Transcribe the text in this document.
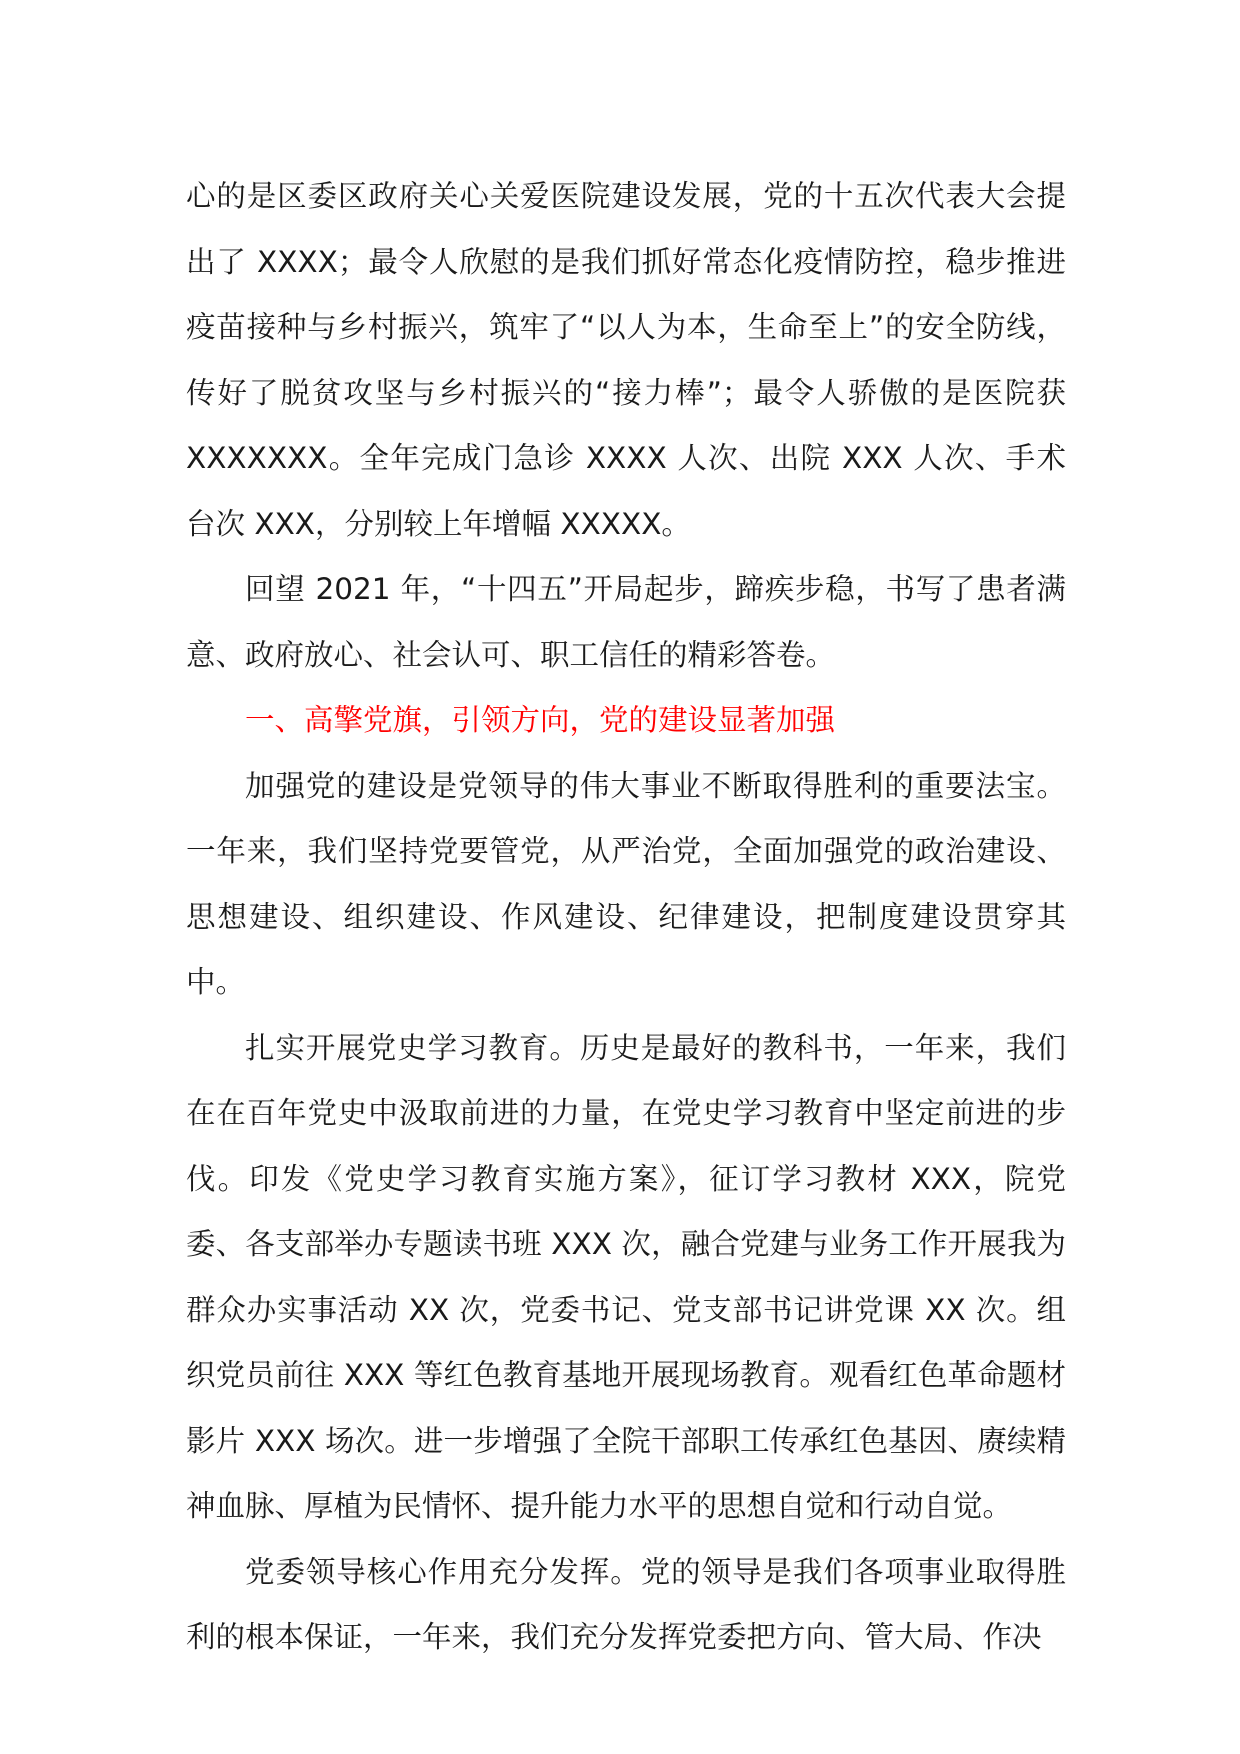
心的是区委区政府关心关爱医院建设发展，党的十五次代表大会提出了 XXXX；最令人欣慰的是我们抓好常态化疫情防控，稳步推进疫苗接种与乡村振兴，筑牢了“以人为本，生命至上”的安全防线，传好了脱贫攻坚与乡村振兴的“接力棒”；最令人骄傲的是医院获 XXXXXXX。全年完成门急诊 XXXX 人次、出院 XXX 人次、手术台次 XXX，分别较上年增幅 XXXXX。

回望 2021 年，“十四五”开局起步，蹄疾步稳，书写了患者满意、政府放心、社会认可、职工信任的精彩答卷。

一、高擎党旗，引领方向，党的建设显著加强

加强党的建设是党领导的伟大事业不断取得胜利的重要法宝。一年来，我们坚持党要管党，从严治党，全面加强党的政治建设、思想建设、组织建设、作风建设、纪律建设，把制度建设贯穿其中。

扎实开展党史学习教育。历史是最好的教科书，一年来，我们在在百年党史中汲取前进的力量，在党史学习教育中坚定前进的步伐。印发《党史学习教育实施方案》，征订学习教材 XXX，院党委、各支部举办专题读书班 XXX 次，融合党建与业务工作开展我为群众办实事活动 XX 次，党委书记、党支部书记讲党课 XX 次。组织党员前往 XXX 等红色教育基地开展现场教育。观看红色革命题材影片 XXX 场次。进一步增强了全院干部职工传承红色基因、赓续精神血脉、厚植为民情怀、提升能力水平的思想自觉和行动自觉。

党委领导核心作用充分发挥。党的领导是我们各项事业取得胜利的根本保证，一年来，我们充分发挥党委把方向、管大局、作决
